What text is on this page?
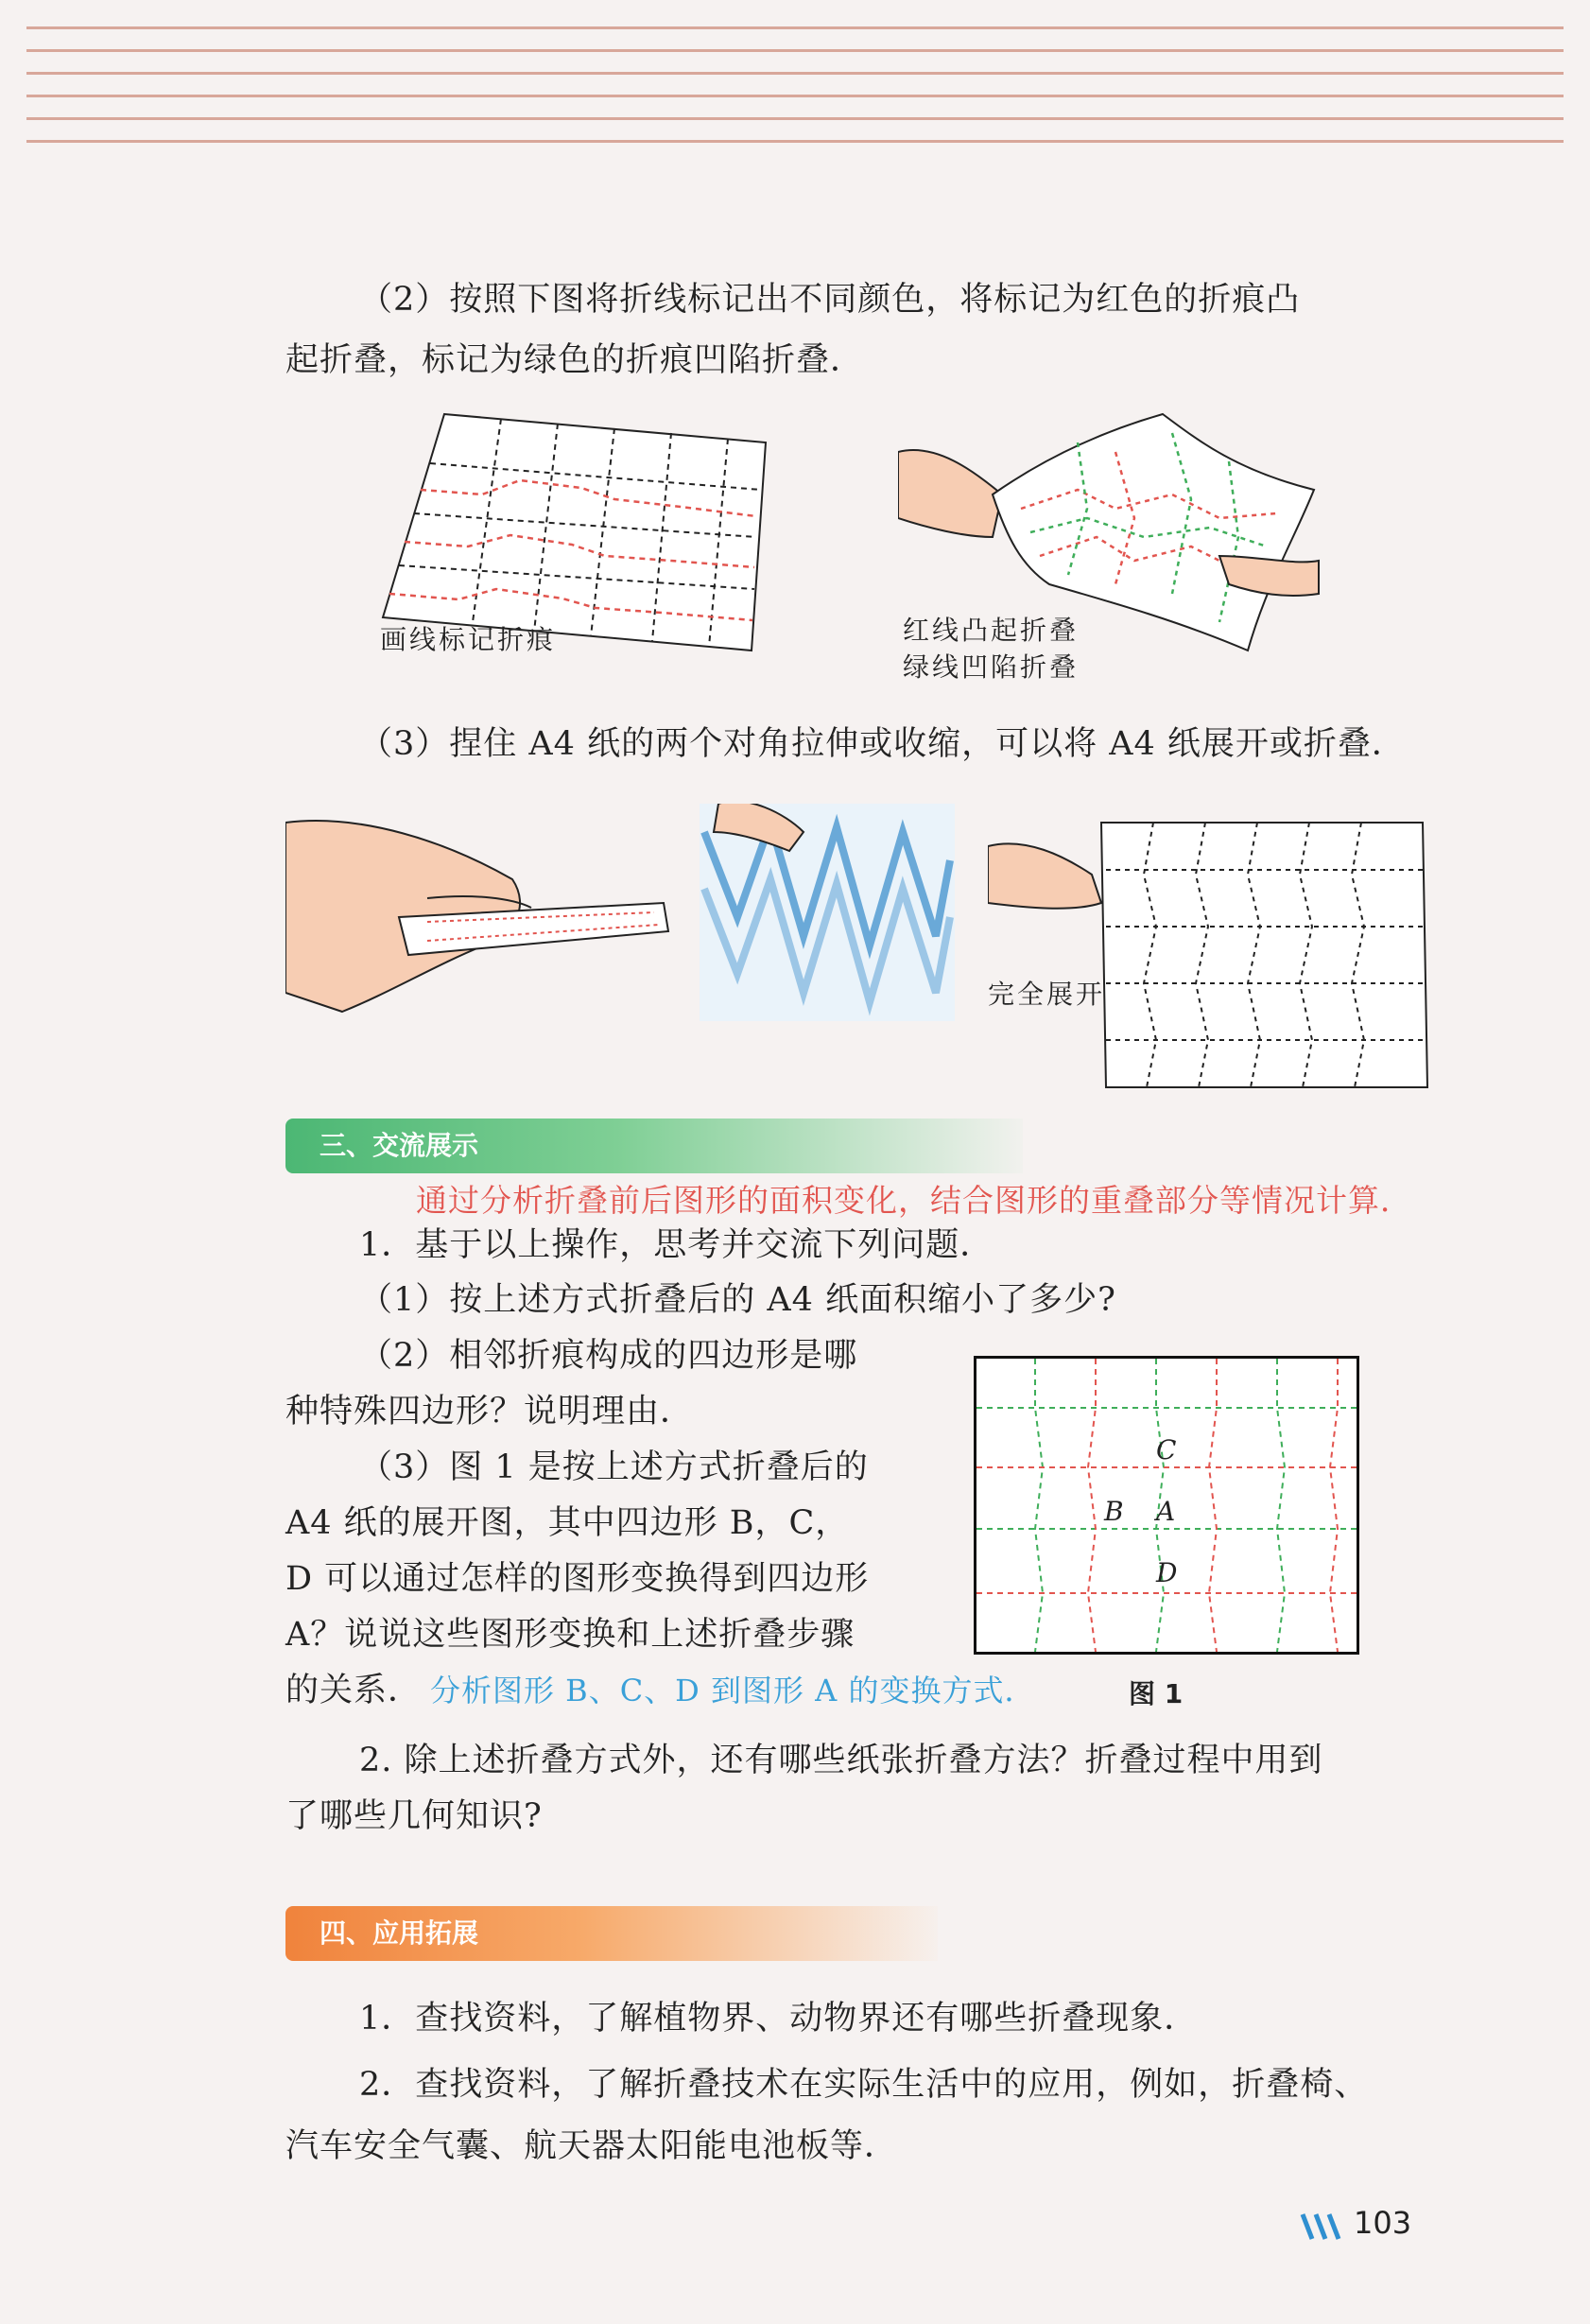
（2）按照下图将折线标记出不同颜色，将标记为红色的折痕凸
起折叠，标记为绿色的折痕凹陷折叠．
画线标记折痕	红线凸起折叠
绿线凹陷折叠
（3）捏住 A4 纸的两个对角拉伸或收缩，可以将 A4 纸展开或折叠．
完全展开
三、交流展示
通过分析折叠前后图形的面积变化，结合图形的重叠部分等情况计算．
1．基于以上操作，思考并交流下列问题．
（1）按上述方式折叠后的 A4 纸面积缩小了多少?
（2）相邻折痕构成的四边形是哪
种特殊四边形？说明理由．
（3）图 1 是按上述方式折叠后的
A4 纸的展开图，其中四边形 B，C，
D 可以通过怎样的图形变换得到四边形
A？说说这些图形变换和上述折叠步骤
的关系． 分析图形 B、C、D 到图形 A 的变换方式．
C
B A
D
图 1
2. 除上述折叠方式外，还有哪些纸张折叠方法？折叠过程中用到
了哪些几何知识?
四、应用拓展
1．查找资料，了解植物界、动物界还有哪些折叠现象．
2．查找资料，了解折叠技术在实际生活中的应用，例如，折叠椅、
汽车安全气囊、航天器太阳能电池板等．
103
